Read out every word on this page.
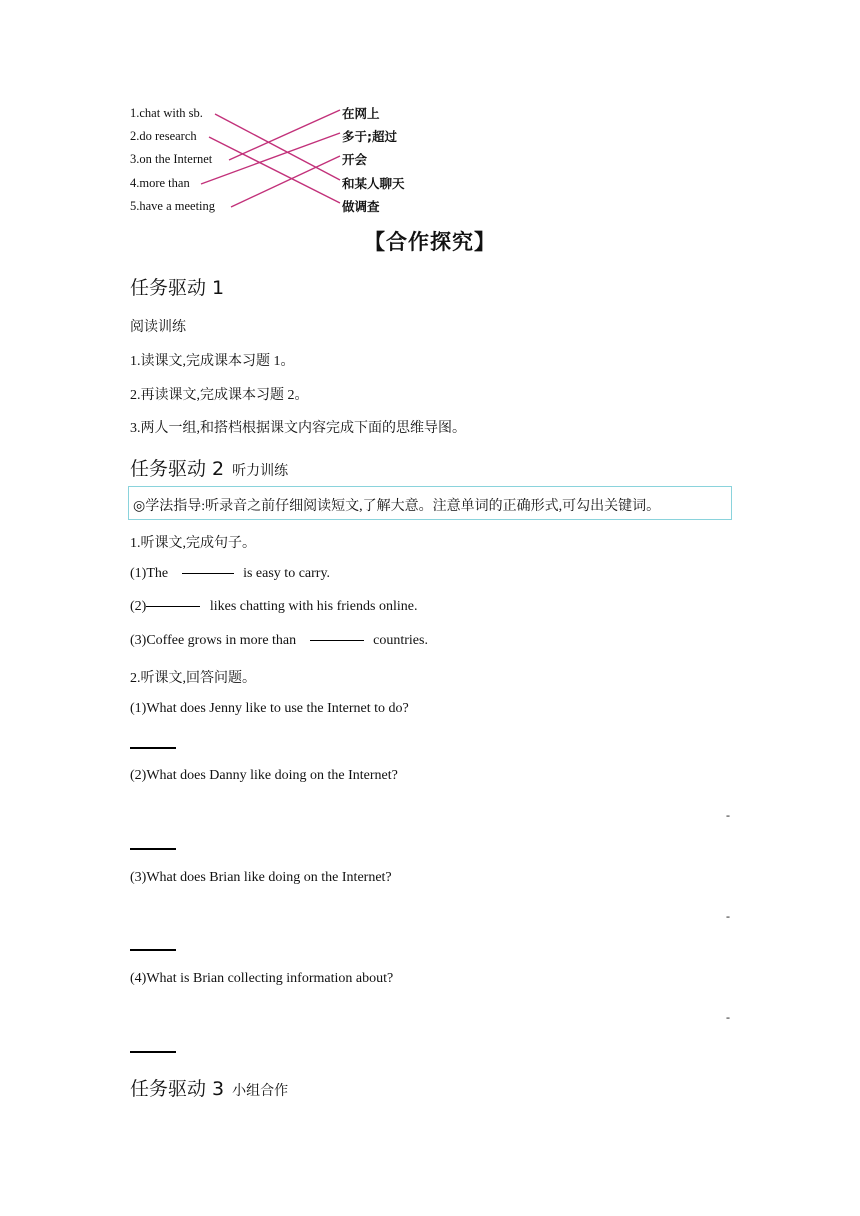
1.chat with sb.
2.do research
3.on the Internet
4.more than
5.have a meeting
在网上
多于;超过
开会
和某人聊天
做调查
【合作探究】
任务驱动 1
阅读训练
1.读课文,完成课本习题 1。
2.再读课文,完成课本习题 2。
3.两人一组,和搭档根据课文内容完成下面的思维导图。
任务驱动 2 听力训练
◎学法指导:听录音之前仔细阅读短文,了解大意。注意单词的正确形式,可勾出关键词。
1.听课文,完成句子。
(1)The	is easy to carry.
(2)	likes chatting with his friends online.
(3)Coffee grows in more than	countries.
2.听课文,回答问题。
(1)What does Jenny like to use the Internet to do?
(2)What does Danny like doing on the Internet?
-
(3)What does Brian like doing on the Internet?
-
(4)What is Brian collecting information about?
-
任务驱动 3 小组合作
